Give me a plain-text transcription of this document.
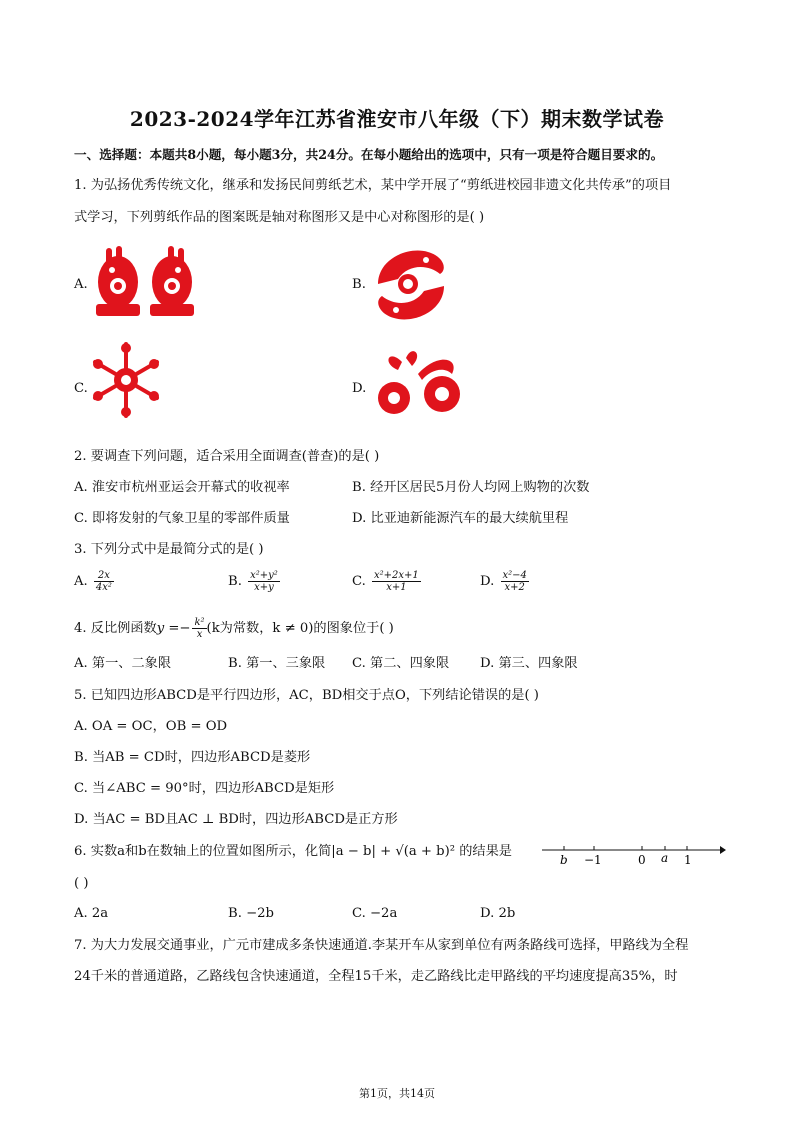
2023-2024学年江苏省淮安市八年级（下）期末数学试卷
一、选择题：本题共8小题，每小题3分，共24分。在每小题给出的选项中，只有一项是符合题目要求的。
1. 为弘扬优秀传统文化，继承和发扬民间剪纸艺术，某中学开展了“剪纸进校园非遗文化共传承”的项目
式学习，下列剪纸作品的图案既是轴对称图形又是中心对称图形的是( )
A.	B.
C.	D.
2. 要调查下列问题，适合采用全面调查(普查)的是( )
A. 淮安市杭州亚运会开幕式的收视率	B. 经开区居民5月份人均网上购物的次数
C. 即将发射的气象卫星的零部件质量	D. 比亚迪新能源汽车的最大续航里程
3. 下列分式中是最简分式的是( )
A. $\frac{2x}{\text{4x²}}$	B. $\frac{\text{x²+y²}}{x+y}$	C. $\frac{\text{x²+2x+1}}{x+1}$	D. $\frac{\text{x²−4}}{x+2}$
4. 反比例函数$y =- \frac{\text{k²}}{x} (k$为常数，k ≠ 0)的图象位于( )
A. 第一、二象限	B. 第一、三象限 C. 第二、四象限 D. 第三、四象限
5. 已知四边形ABCD是平行四边形，AC，BD相交于点O，下列结论错误的是( )
A. OA = OC，OB = OD
B. 当AB = CD时，四边形ABCD是菱形
C. 当∠ABC = 90°时，四边形ABCD是矩形
D. 当AC = BD且AC ⊥ BD时，四边形ABCD是正方形
6. 实数a和b在数轴上的位置如图所示，化简|a − b| + √(a + b)² 的结果是
b −1	0 a 1
( )
A. 2a	B. −2b	C. −2a	D. 2b
7. 为大力发展交通事业，广元市建成多条快速通道.李某开车从家到单位有两条路线可选择，甲路线为全程
24千米的普通道路，乙路线包含快速通道，全程15千米，走乙路线比走甲路线的平均速度提高35%，时
第1页，共14页
